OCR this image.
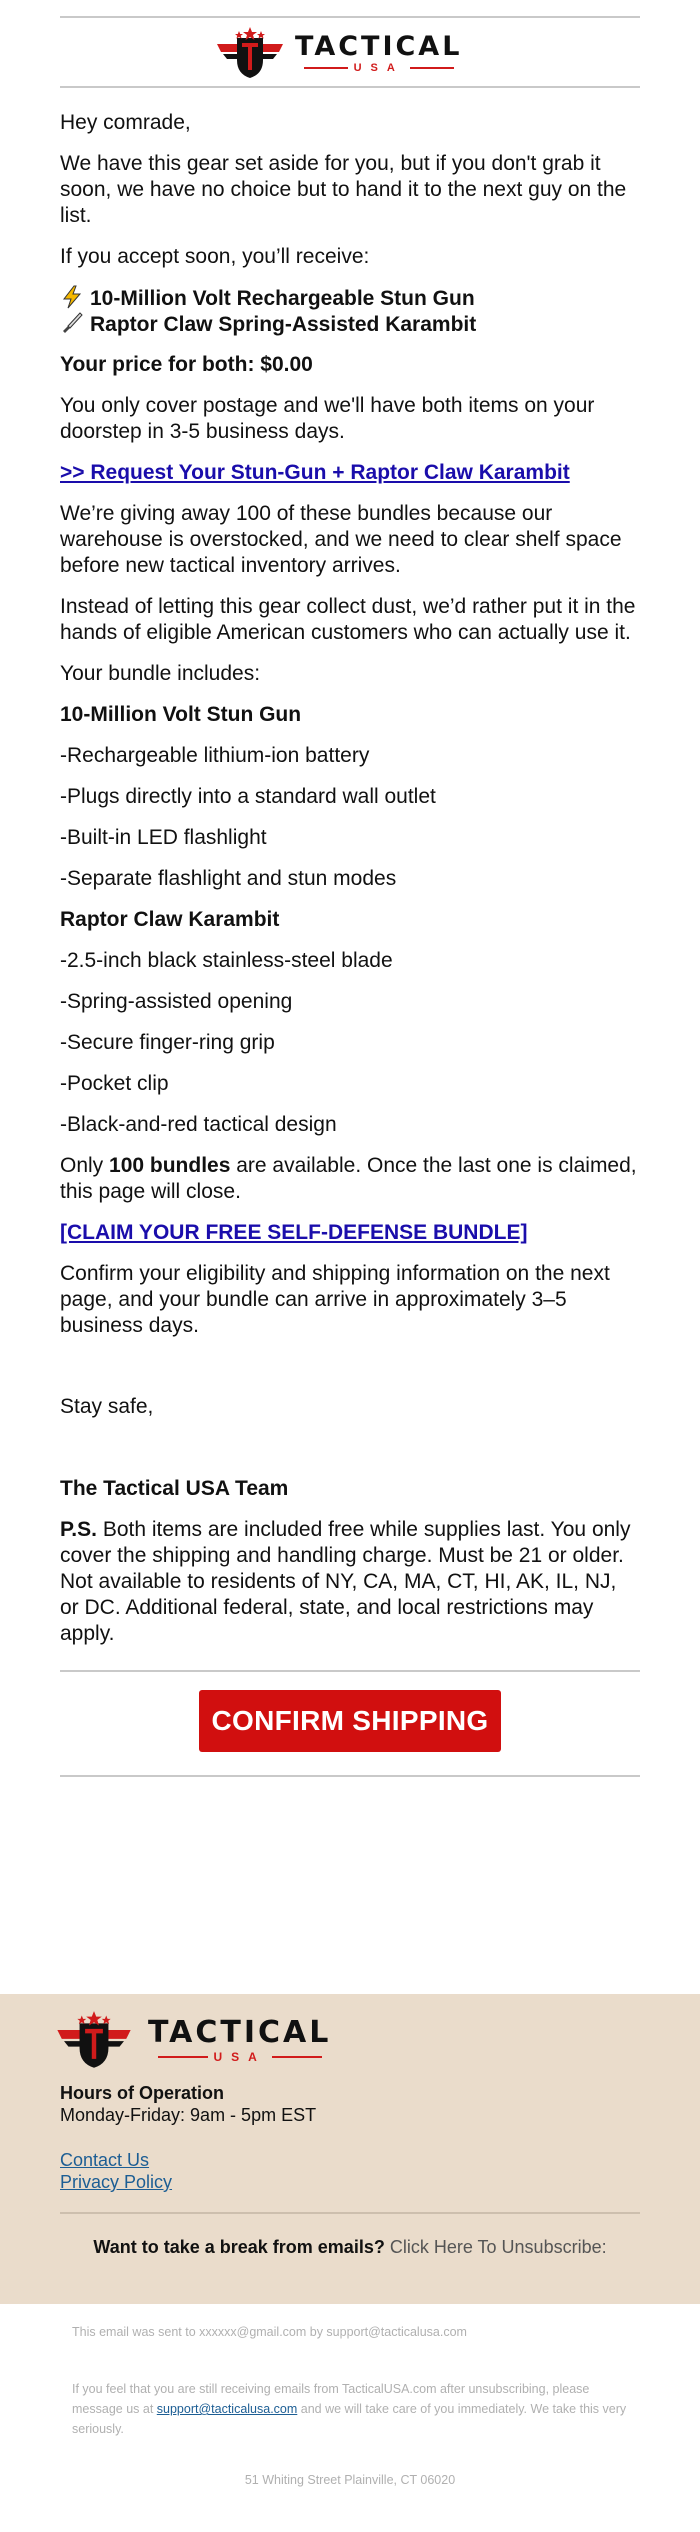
TACTICAL
USA

Hey comrade,

We have this gear set aside for you, but if you don't grab it soon, we have no choice but to hand it to the next guy on the list.

If you accept soon, you’ll receive:

10-Million Volt Rechargeable Stun Gun

Raptor Claw Spring-Assisted Karambit

Your price for both: $0.00

You only cover postage and we'll have both items on your doorstep in 3-5 business days.

>> Request Your Stun-Gun + Raptor Claw Karambit

We’re giving away 100 of these bundles because our warehouse is overstocked, and we need to clear shelf space before new tactical inventory arrives.

Instead of letting this gear collect dust, we’d rather put it in the hands of eligible American customers who can actually use it.

Your bundle includes:

10-Million Volt Stun Gun

-Rechargeable lithium-ion battery

-Plugs directly into a standard wall outlet

-Built-in LED flashlight

-Separate flashlight and stun modes

Raptor Claw Karambit

-2.5-inch black stainless-steel blade

-Spring-assisted opening

-Secure finger-ring grip

-Pocket clip

-Black-and-red tactical design

Only 100 bundles are available. Once the last one is claimed, this page will close.

[CLAIM YOUR FREE SELF-DEFENSE BUNDLE]

Confirm your eligibility and shipping information on the next page, and your bundle can arrive in approximately 3–5 business days.

Stay safe,

The Tactical USA Team

P.S. Both items are included free while supplies last. You only cover the shipping and handling charge. Must be 21 or older. Not available to residents of NY, CA, MA, CT, HI, AK, IL, NJ, or DC. Additional federal, state, and local restrictions may apply.

CONFIRM SHIPPING
TACTICAL
USA

Hours of Operation

Monday-Friday: 9am - 5pm EST

Contact Us

Privacy Policy

Want to take a break from emails? Click Here To Unsubscribe:

This email was sent to xxxxxx@gmail.com by support@tacticalusa.com

If you feel that you are still receiving emails from TacticalUSA.com after unsubscribing, please message us at support@tacticalusa.com and we will take care of you immediately. We take this very seriously.

51 Whiting Street Plainville, CT 06020
